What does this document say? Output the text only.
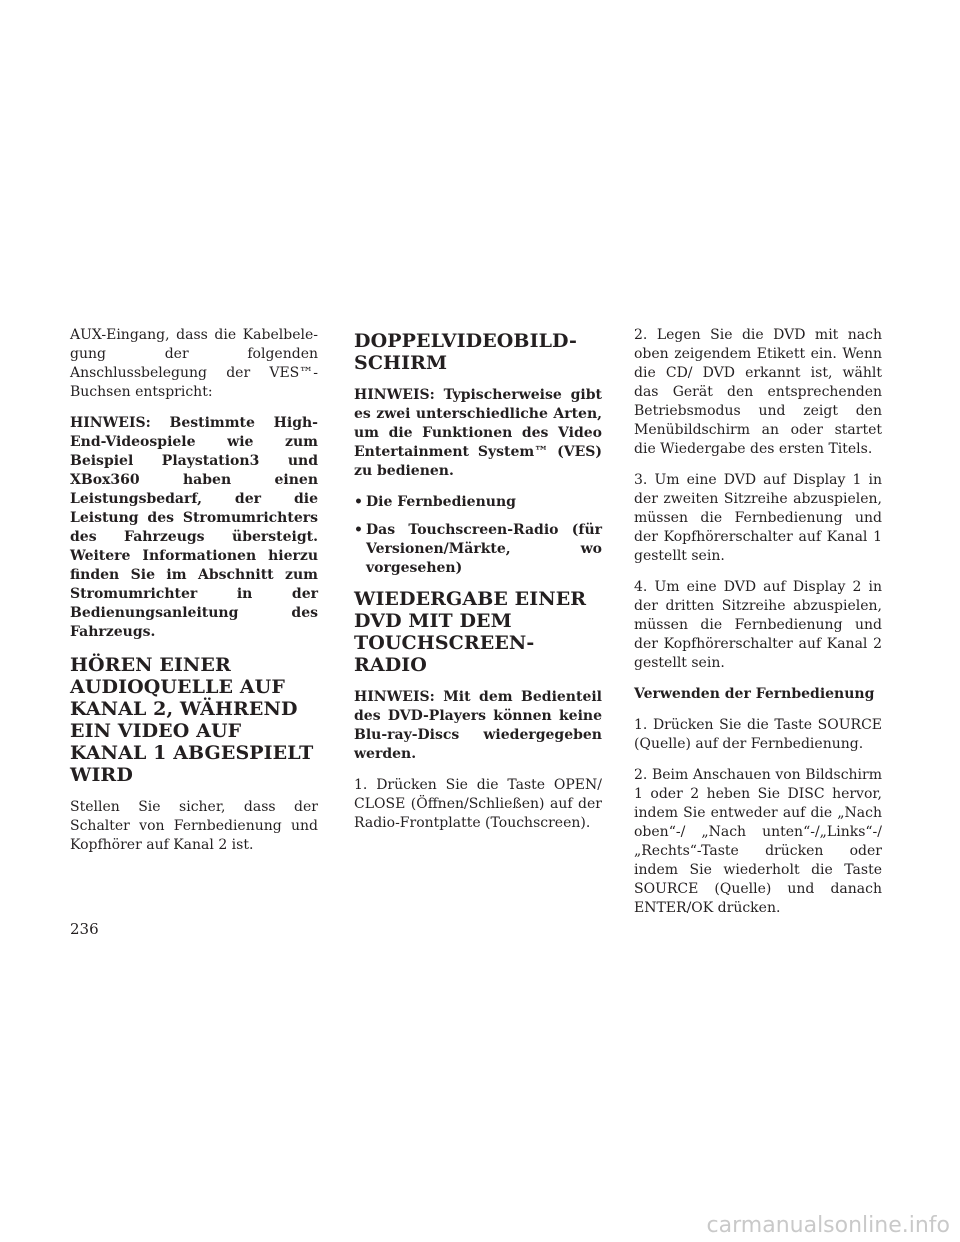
AUX-Eingang, dass die Kabelbelegung der folgenden Anschlussbelegung der VES™-Buchsen entspricht:

HINWEIS: Bestimmte High-End-Videospiele wie zum Beispiel Playstation3 und XBox360 haben einen Leistungsbedarf, der die Leistung des Stromumrichters des Fahrzeugs übersteigt. Weitere Informationen hierzu finden Sie im Abschnitt zum Stromumrichter in der Bedienungsanleitung des Fahrzeugs.

HÖREN EINER AUDIOQUELLE AUF KANAL 2, WÄHREND EIN VIDEO AUF KANAL 1 ABGESPIELT WIRD

Stellen Sie sicher, dass der Schalter von Fernbedienung und Kopfhörer auf Kanal 2 ist.

DOPPELVIDEOBILD-SCHIRM

HINWEIS: Typischerweise gibt es zwei unterschiedliche Arten, um die Funktionen des Video Entertainment System™ (VES) zu bedienen.

• Die Fernbedienung
• Das Touchscreen-Radio (für Versionen/Märkte, wo vorgesehen)
WIEDERGABE EINER DVD MIT DEM TOUCHSCREEN-RADIO

HINWEIS: Mit dem Bedienteil des DVD-Players können keine Blu-ray-Discs wiedergegeben werden.

1. Drücken Sie die Taste OPEN/ CLOSE (Öffnen/Schließen) auf der Radio-Frontplatte (Touchscreen).

2. Legen Sie die DVD mit nach oben zeigendem Etikett ein. Wenn die CD/ DVD erkannt ist, wählt das Gerät den entsprechenden Betriebsmodus und zeigt den Menübildschirm an oder startet die Wiedergabe des ersten Titels.

3. Um eine DVD auf Display 1 in der zweiten Sitzreihe abzuspielen, müssen die Fernbedienung und der Kopfhörerschalter auf Kanal 1 gestellt sein.

4. Um eine DVD auf Display 2 in der dritten Sitzreihe abzuspielen, müssen die Fernbedienung und der Kopfhörerschalter auf Kanal 2 gestellt sein.

Verwenden der Fernbedienung

1. Drücken Sie die Taste SOURCE (Quelle) auf der Fernbedienung.

2. Beim Anschauen von Bildschirm 1 oder 2 heben Sie DISC hervor, indem Sie entweder auf die „Nach oben“-/ „Nach unten“-/„Links“-/„Rechts“-Taste drücken oder indem Sie wiederholt die Taste SOURCE (Quelle) und danach ENTER/OK drücken.

236
carmanualsonline.info
